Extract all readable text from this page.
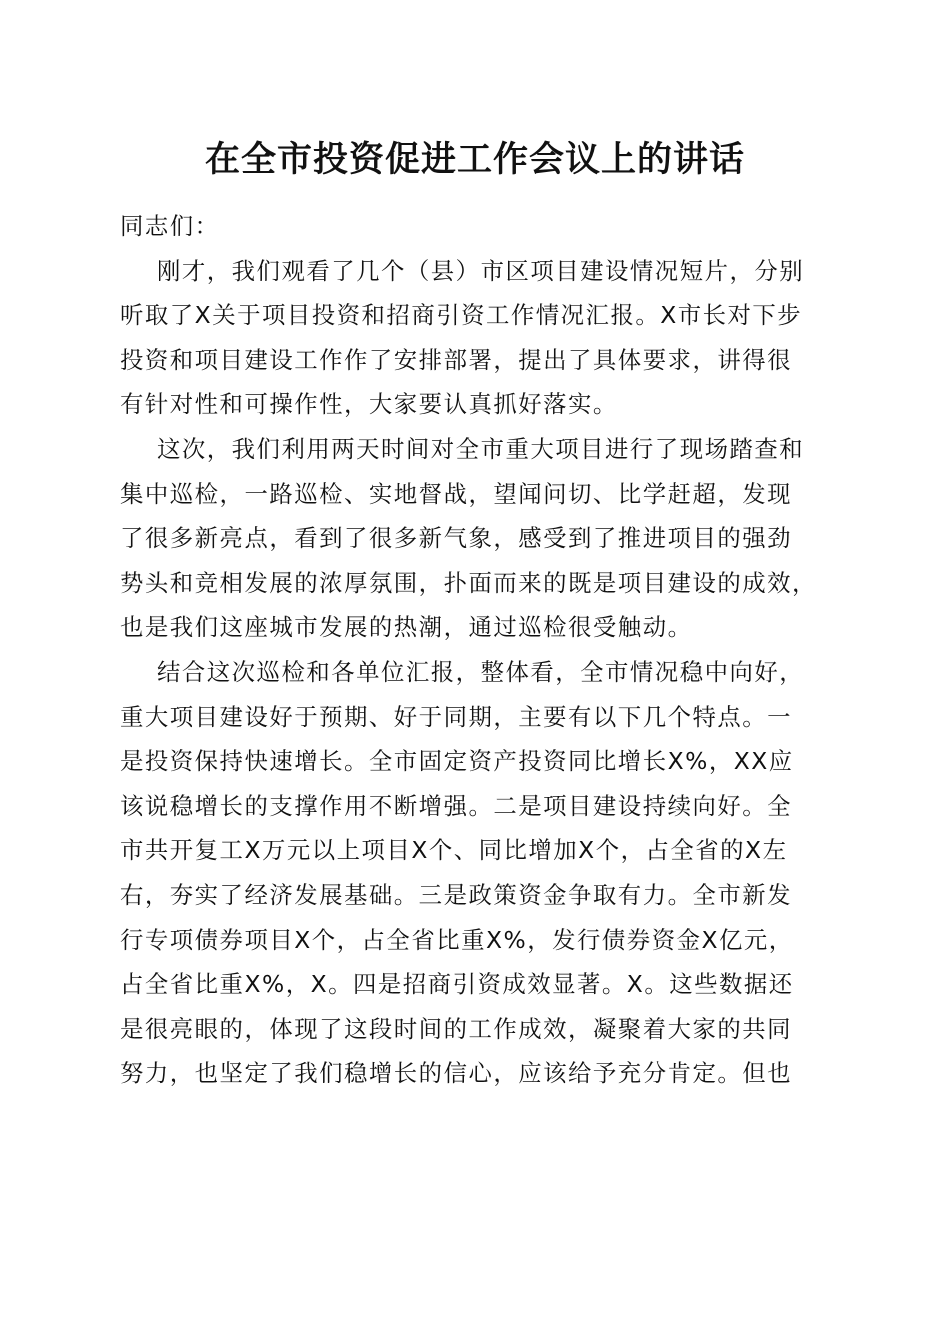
在全市投资促进工作会议上的讲话
同志们：
刚才，我们观看了几个（县）市区项目建设情况短片，分别
听取了X关于项目投资和招商引资工作情况汇报。X市长对下步
投资和项目建设工作作了安排部署，提出了具体要求，讲得很
有针对性和可操作性，大家要认真抓好落实。
这次，我们利用两天时间对全市重大项目进行了现场踏查和
集中巡检，一路巡检、实地督战，望闻问切、比学赶超，发现
了很多新亮点，看到了很多新气象，感受到了推进项目的强劲
势头和竞相发展的浓厚氛围，扑面而来的既是项目建设的成效，
也是我们这座城市发展的热潮，通过巡检很受触动。
结合这次巡检和各单位汇报，整体看，全市情况稳中向好，
重大项目建设好于预期、好于同期，主要有以下几个特点。一
是投资保持快速增长。全市固定资产投资同比增长X%，XX应
该说稳增长的支撑作用不断增强。二是项目建设持续向好。全
市共开复工X万元以上项目X个、同比增加X个，占全省的X左
右，夯实了经济发展基础。三是政策资金争取有力。全市新发
行专项债券项目X个，占全省比重X%，发行债券资金X亿元，
占全省比重X%，X。四是招商引资成效显著。X。这些数据还
是很亮眼的，体现了这段时间的工作成效，凝聚着大家的共同
努力，也坚定了我们稳增长的信心，应该给予充分肯定。但也
